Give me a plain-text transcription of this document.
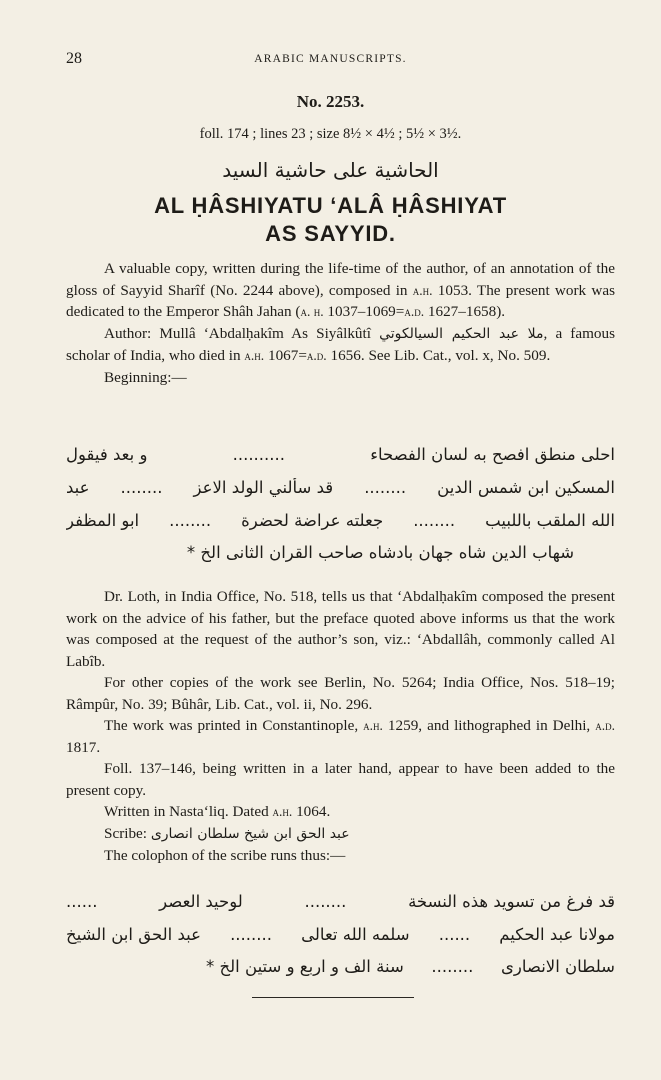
28	ARABIC MANUSCRIPTS.
No. 2253.
foll. 174 ; lines 23 ; size 8½ × 4½ ; 5½ × 3½.
الحاشية على حاشية السيد
AL ḤÂSHIYATU ‘ALÂ ḤÂSHIYAT
AS SAYYID.

A valuable copy, written during the life-time of the author, of an annotation of the gloss of Sayyid Sharîf (No. 2244 above), composed in a.h. 1053. The present work was dedicated to the Emperor Shâh Jahan (a. h. 1037–1069=a.d. 1627–1658).

Author: Mullâ ‘Abdalḥakîm As Siyâlkûtî ملا عبد الحكيم السيالكوتي, a famous scholar of India, who died in a.h. 1067=a.d. 1656. See Lib. Cat., vol. x, No. 509.

Beginning:—

احلى منطق افصح به لسان الفصحاء
..........
و بعد فيقول
المسكين ابن شمس الدين
........
قد سألني الولد الاعز
........
عبد
الله الملقب باللبيب
........
جعلته عراضة لحضرة
........
ابو المظفر
شهاب الدين شاه جهان بادشاه صاحب القران الثانى الخ *

Dr. Loth, in India Office, No. 518, tells us that ‘Abdalḥakîm composed the present work on the advice of his father, but the preface quoted above informs us that the work was composed at the request of the author’s son, viz.: ‘Abdallâh, commonly called Al Labîb.

For other copies of the work see Berlin, No. 5264; India Office, Nos. 518–19; Râmpûr, No. 39; Bûhâr, Lib. Cat., vol. ii, No. 296.

The work was printed in Constantinople, a.h. 1259, and lithographed in Delhi, a.d. 1817.

Foll. 137–146, being written in a later hand, appear to have been added to the present copy.

Written in Nasta‘liq. Dated a.h. 1064.

Scribe: عبد الحق ابن شيخ سلطان انصارى

The colophon of the scribe runs thus:—

قد فرغ من تسويد هذه النسخة
........
لوحيد العصر
......
مولانا عبد الحكيم
......
سلمه الله تعالى
........
عبد الحق ابن الشيخ
سلطان الانصارى
........
سنة الف و اربع و ستين الخ *
